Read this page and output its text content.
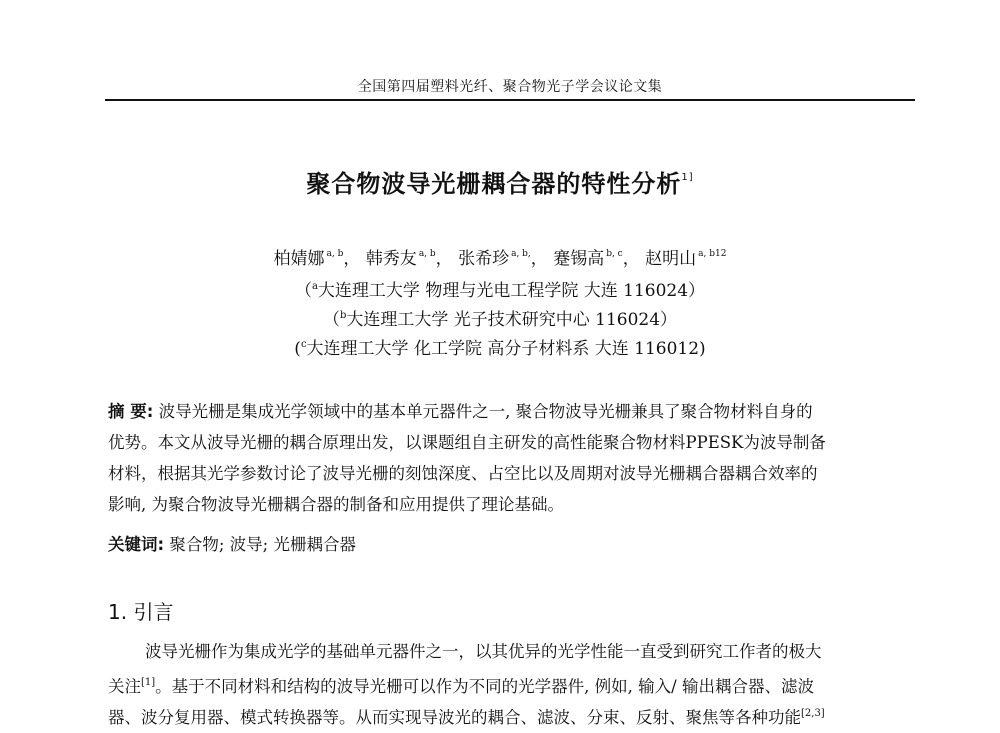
全国第四届塑料光纤、聚合物光子学会议论文集
聚合物波导光栅耦合器的特性分析$^{1]}$
柏婧娜 $^{a, b}$， 韩秀友 $^{a, b}$， 张希珍 $^{a, b,}$， 蹇锡高 $^{b, c}$， 赵明山 $^{a, b12}$
（$^a$大连理工大学 物理与光电工程学院 大连 116024）
（$^b$大连理工大学 光子技术研究中心 116024）
($^c$大连理工大学 化工学院 高分子材料系 大连 116012)
摘 要: 波导光栅是集成光学领域中的基本单元器件之一, 聚合物波导光栅兼具了聚合物材料自身的
优势。本文从波导光栅的耦合原理出发，以课题组自主研发的高性能聚合物材料PPESK为波导制备
材料，根据其光学参数讨论了波导光栅的刻蚀深度、占空比以及周期对波导光栅耦合器耦合效率的
影响, 为聚合物波导光栅耦合器的制备和应用提供了理论基础。
关键词: 聚合物; 波导; 光栅耦合器
1. 引言
波导光栅作为集成光学的基础单元器件之一，以其优异的光学性能一直受到研究工作者的极大
关注[1]。基于不同材料和结构的波导光栅可以作为不同的光学器件, 例如, 输入/ 输出耦合器、滤波
器、波分复用器、模式转换器等。从而实现导波光的耦合、滤波、分束、反射、聚焦等各种功能[2,3]
